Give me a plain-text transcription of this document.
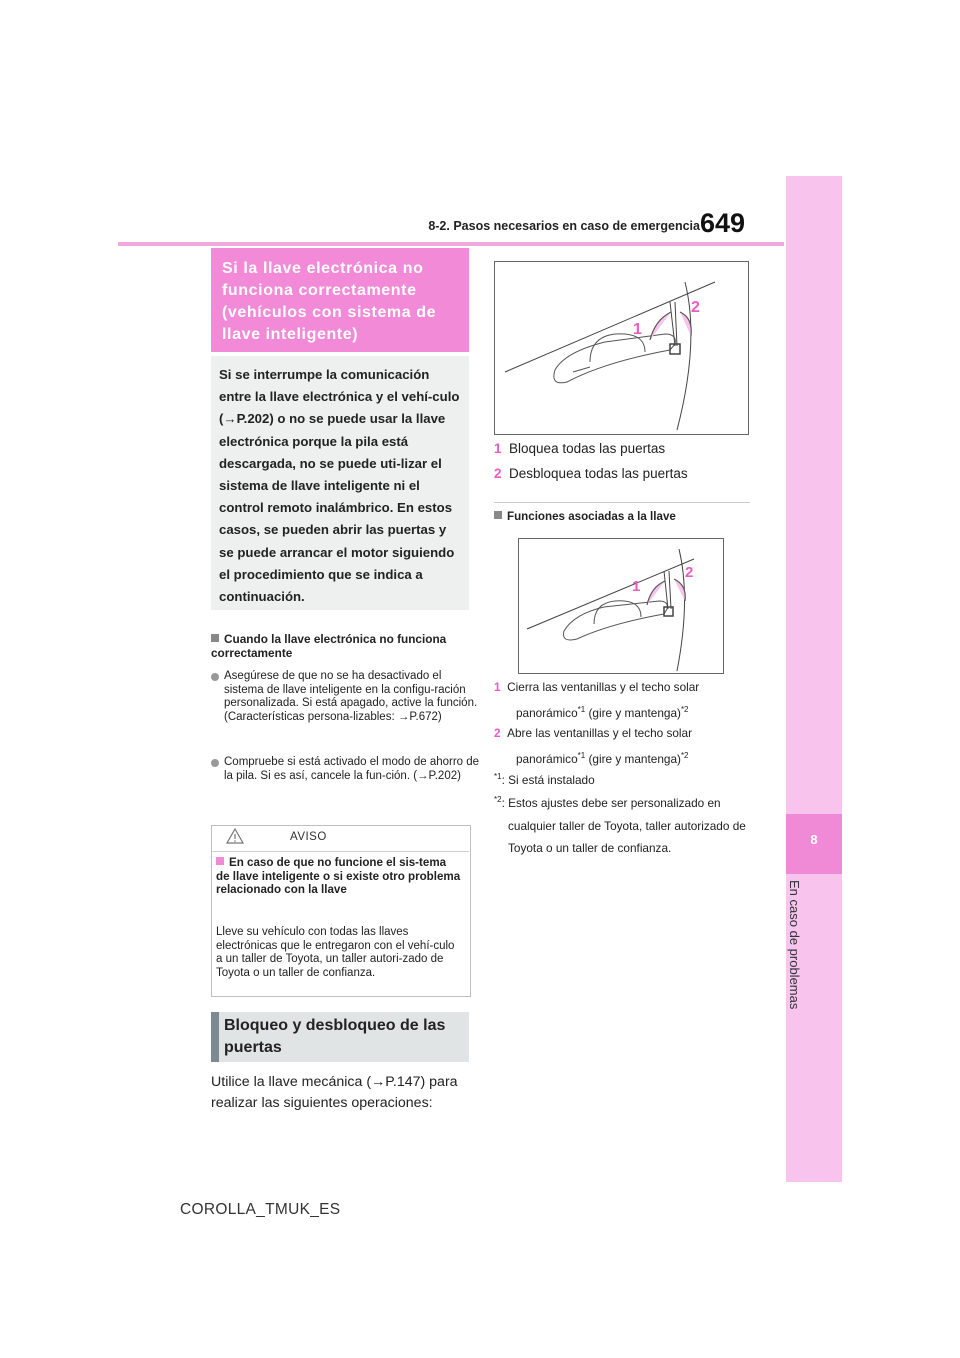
8-2. Pasos necesarios en caso de emergencia 649
8
En caso de problemas
Si la llave electrónica no funciona correctamente (vehículos con sistema de llave inteligente)
Si se interrumpe la comunicación entre la llave electrónica y el vehí-culo (→P.202) o no se puede usar la llave electrónica porque la pila está descargada, no se puede uti-lizar el sistema de llave inteligente ni el control remoto inalámbrico. En estos casos, se pueden abrir las puertas y se puede arrancar el motor siguiendo el procedimiento que se indica a continuación.
Cuando la llave electrónica no funciona correctamente
Asegúrese de que no se ha desactivado el sistema de llave inteligente en la configu-ración personalizada. Si está apagado, active la función. (Características persona-lizables: →P.672)
Compruebe si está activado el modo de ahorro de la pila. Si es así, cancele la fun-ción. (→P.202)
AVISO
En caso de que no funcione el sis-tema de llave inteligente o si existe otro problema relacionado con la llave
Lleve su vehículo con todas las llaves electrónicas que le entregaron con el vehí-culo a un taller de Toyota, un taller autori-zado de Toyota o un taller de confianza.
Bloqueo y desbloqueo de las puertas
Utilice la llave mecánica (→P.147) para realizar las siguientes operaciones:
1
2
1 Bloquea todas las puertas
2 Desbloquea todas las puertas
Funciones asociadas a la llave
1
2
1 Cierra las ventanillas y el techo solar
panorámico$^{*1}$ (gire y mantenga)$^{*2}$
2 Abre las ventanillas y el techo solar
panorámico$^{*1}$ (gire y mantenga)$^{*2}$
$^{*1}$: Si está instalado
$^{*2}$: Estos ajustes debe ser personalizado en cualquier taller de Toyota, taller autorizado de Toyota o un taller de confianza.
COROLLA_TMUK_ES
